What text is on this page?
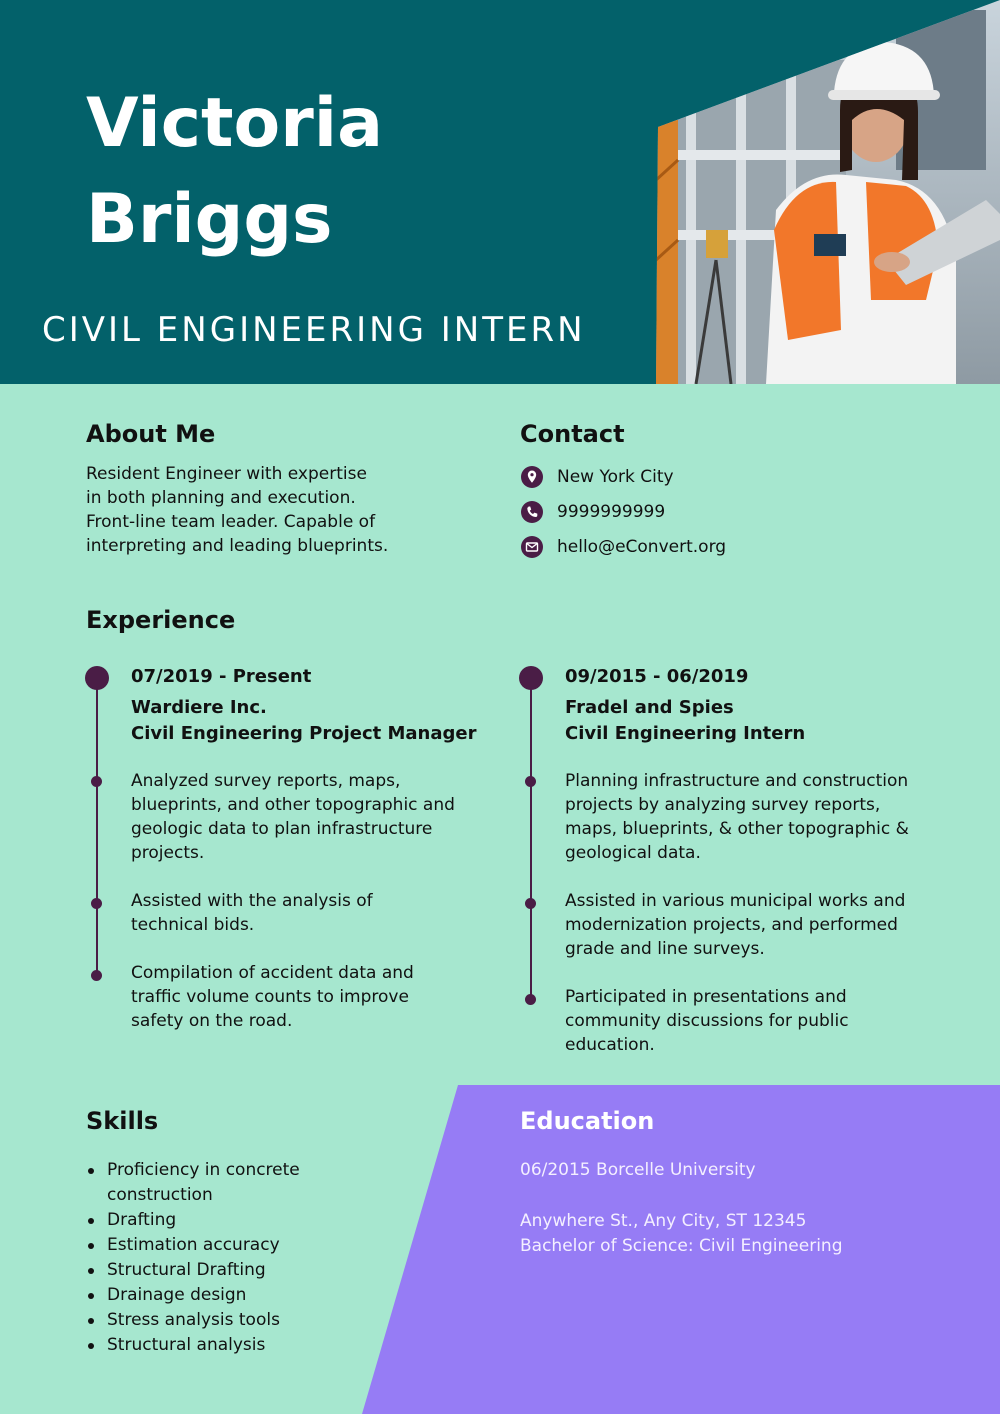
Victoria
Briggs
CIVIL ENGINEERING INTERN
About Me
Resident Engineer with expertise
in both planning and execution.
Front-line team leader. Capable of
interpreting and leading blueprints.
Contact
New York City
9999999999
hello@eConvert.org
Experience
07/2019 - Present
Wardiere Inc.
Civil Engineering Project Manager
Analyzed survey reports, maps, blueprints, and other topographic and geologic data to plan infrastructure projects.
Assisted with the analysis of technical bids.
Compilation of accident data and traffic volume counts to improve safety on the road.
09/2015 - 06/2019
Fradel and Spies
Civil Engineering Intern
Planning infrastructure and construction projects by analyzing survey reports, maps, blueprints, & other topographic & geological data.
Assisted in various municipal works and modernization projects, and performed grade and line surveys.
Participated in presentations and community discussions for public education.
Skills
Proficiency in concrete construction
Drafting
Estimation accuracy
Structural Drafting
Drainage design
Stress analysis tools
Structural analysis
Education
06/2015 Borcelle University
Anywhere St., Any City, ST 12345
Bachelor of Science: Civil Engineering
